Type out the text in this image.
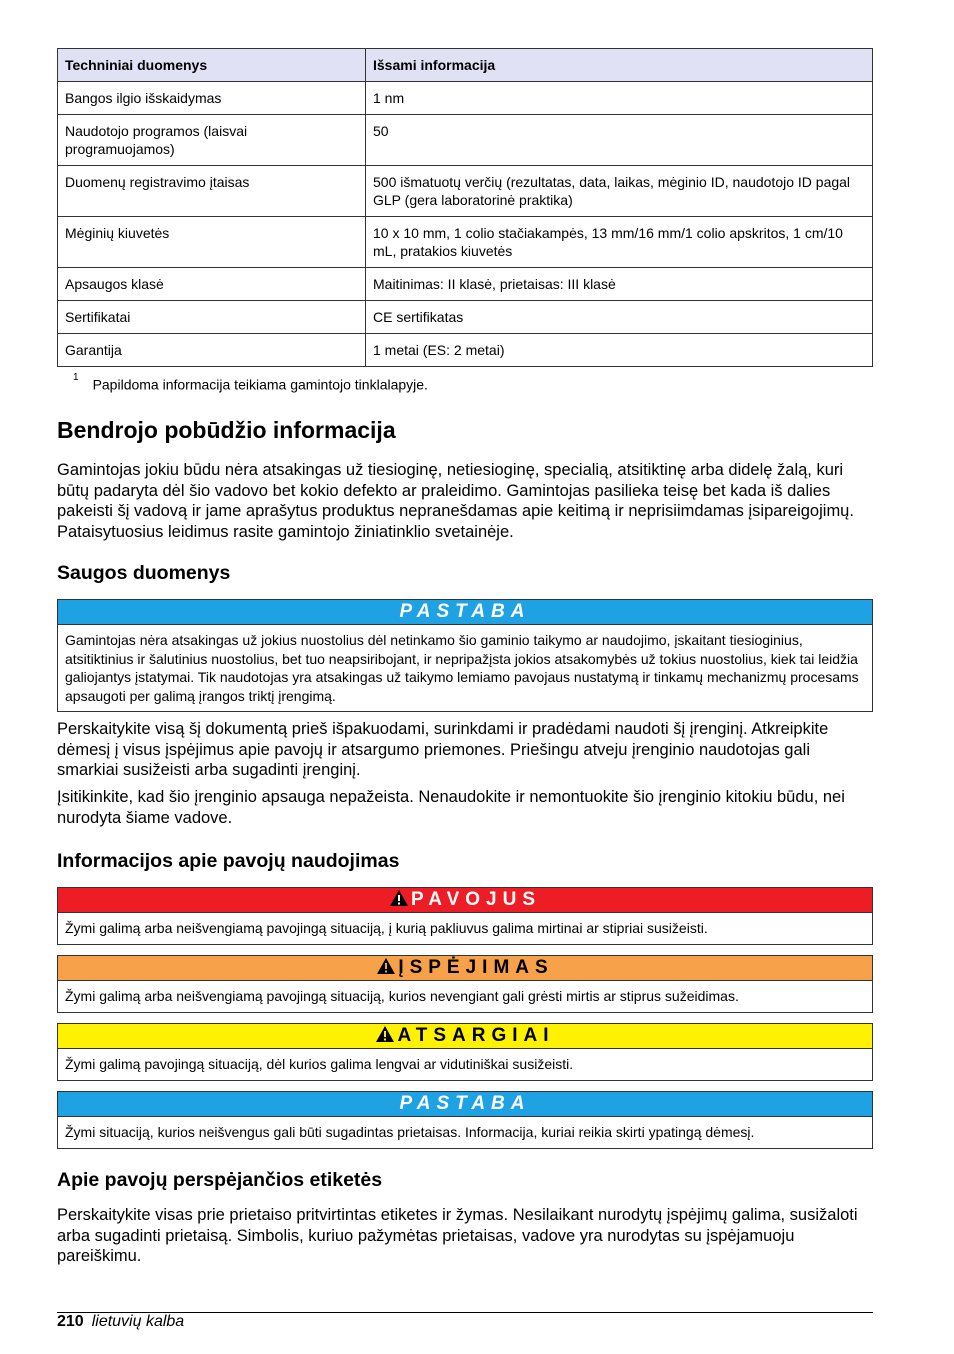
Techniniai duomenys	Išsami informacija
Bangos ilgio išskaidymas	1 nm
Naudotojo programos (laisvai programuojamos)	50
Duomenų registravimo įtaisas	500 išmatuotų verčių (rezultatas, data, laikas, mėginio ID, naudotojo ID pagal GLP (gera laboratorinė praktika)
Mėginių kiuvetės	10 x 10 mm, 1 colio stačiakampės, 13 mm/16 mm/1 colio apskritos, 1 cm/10 mL, pratakios kiuvetės
Apsaugos klasė	Maitinimas: II klasė, prietaisas: III klasė
Sertifikatai	CE sertifikatas
Garantija	1 metai (ES: 2 metai)
$^1$ Papildoma informacija teikiama gamintojo tinklalapyje.
Bendrojo pobūdžio informacija

Gamintojas jokiu būdu nėra atsakingas už tiesioginę, netiesioginę, specialią, atsitiktinę arba didelę žalą, kuri būtų padaryta dėl šio vadovo bet kokio defekto ar praleidimo. Gamintojas pasilieka teisę bet kada iš dalies pakeisti šį vadovą ir jame aprašytus produktus nepranešdamas apie keitimą ir neprisiimdamas įsipareigojimų. Pataisytuosius leidimus rasite gamintojo žiniatinklio svetainėje.

Saugos duomenys
PASTABA
Gamintojas nėra atsakingas už jokius nuostolius dėl netinkamo šio gaminio taikymo ar naudojimo, įskaitant tiesioginius, atsitiktinius ir šalutinius nuostolius, bet tuo neapsiribojant, ir nepripažįsta jokios atsakomybės už tokius nuostolius, kiek tai leidžia galiojantys įstatymai. Tik naudotojas yra atsakingas už taikymo lemiamo pavojaus nustatymą ir tinkamų mechanizmų procesams apsaugoti per galimą įrangos triktį įrengimą.

Perskaitykite visą šį dokumentą prieš išpakuodami, surinkdami ir pradėdami naudoti šį įrenginį. Atkreipkite dėmesį į visus įspėjimus apie pavojų ir atsargumo priemones. Priešingu atveju įrenginio naudotojas gali smarkiai susižeisti arba sugadinti įrenginį.

Įsitikinkite, kad šio įrenginio apsauga nepažeista. Nenaudokite ir nemontuokite šio įrenginio kitokiu būdu, nei nurodyta šiame vadove.

Informacijos apie pavojų naudojimas
PAVOJUS
Žymi galimą arba neišvengiamą pavojingą situaciją, į kurią pakliuvus galima mirtinai ar stipriai susižeisti.
ĮSPĖJIMAS
Žymi galimą arba neišvengiamą pavojingą situaciją, kurios nevengiant gali grėsti mirtis ar stiprus sužeidimas.
ATSARGIAI
Žymi galimą pavojingą situaciją, dėl kurios galima lengvai ar vidutiniškai susižeisti.
PASTABA
Žymi situaciją, kurios neišvengus gali būti sugadintas prietaisas. Informacija, kuriai reikia skirti ypatingą dėmesį.
Apie pavojų perspėjančios etiketės

Perskaitykite visas prie prietaiso pritvirtintas etiketes ir žymas. Nesilaikant nurodytų įspėjimų galima, susižaloti arba sugadinti prietaisą. Simbolis, kuriuo pažymėtas prietaisas, vadove yra nurodytas su įspėjamuoju pareiškimu.

210 lietuvių kalba
